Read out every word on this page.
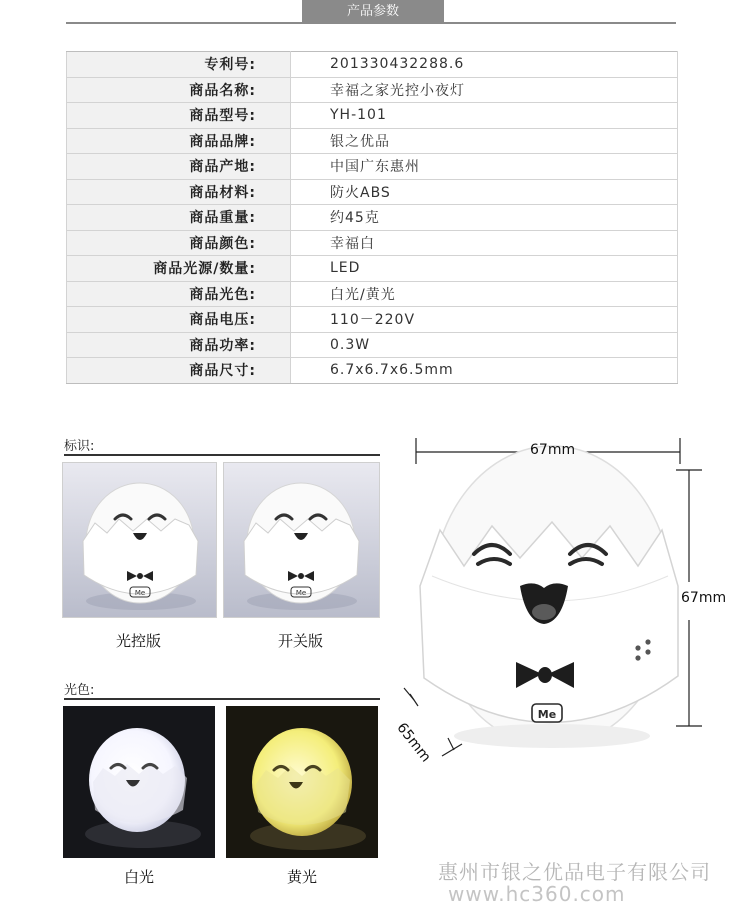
产品参数
专利号:	201330432288.6
商品名称:	幸福之家光控小夜灯
商品型号:	YH-101
商品品牌:	银之优品
商品产地:	中国广东惠州
商品材料:	防火ABS
商品重量:	约45克
商品颜色:	幸福白
商品光源/数量:	LED
商品光色:	白光/黄光
商品电压:	110－220V
商品功率:	0.3W
商品尺寸:	6.7x6.7x6.5mm
标识:
Me
光控版
Me
开关版
光色:
白光	黄光
Me
67mm
67mm
65mm
惠州市银之优品电子有限公司
www.hc360.com
